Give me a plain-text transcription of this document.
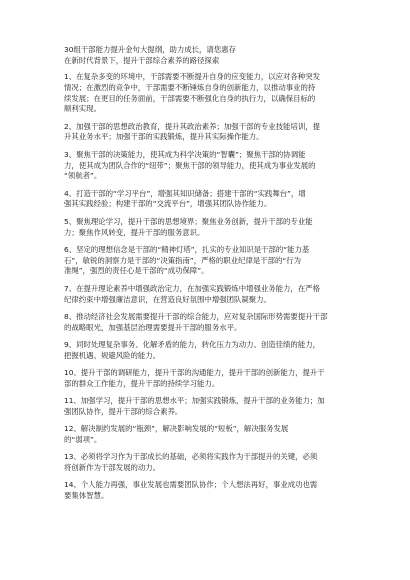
30组干部能力提升金句大提纲，助力成长，请您惠存
在新时代背景下，提升干部综合素养的路径探索
1、在复杂多变的环境中，干部需要不断提升自身的应变能力，以应对各种突发
情况；在激烈的竞争中，干部需要不断锤炼自身的创新能力，以推动事业的持
续发展；在更目的任务面前，干部需要不断强化自身的执行力，以确保目标的
顺利实现。
2、加强干部的思想政治教育，提升其政治素养；加强干部的专业技能培训，提
升其业务水平；加强干部的实践锻炼，提升其实际操作能力。
3、聚焦干部的决策能力，使其成为科学决策的“智囊”；聚焦干部的协调能
力，使其成为团队合作的“纽带”；聚焦干部的领导能力，使其成为事业发展的
“领航者”。
4、打造干部的“学习平台”，增强其知识储备；搭建干部的“实践舞台”，增
强其实践经验；构建干部的“交流平台”，增强其团队协作能力。
5、聚焦理论学习，提升干部的思想境界；聚焦业务创新，提升干部的专业能
力；聚焦作风转变，提升干部的服务意识。
6、坚定的理想信念是干部的“精神灯塔”，扎实的专业知识是干部的“能力基
石”，敏锐的洞察力是干部的“决策指南”，严格的职业纪律是干部的“行为
准绳”，强烈的责任心是干部的“成功保障”。
7、在提升理论素养中增强政治定力，在加强实践锻炼中增强业务能力，在严格
纪律约束中增强廉洁意识，在营造良好氛围中增强团队凝聚力。
8、推动经济社会发展需要提升干部的综合能力，应对复杂国际形势需要提升干部
的战略眼光，加强基层治理需要提升干部的服务水平。
9、同时处理复杂事务、化解矛盾的能力，转化压力为动力、创造佳绩的能力，
把握机遇、规避风险的能力。
10、提升干部的调研能力，提升干部的沟通能力，提升干部的创新能力，提升干
部的群众工作能力，提升干部的持续学习能力。
11、加强学习，提升干部的思想水平；加强实践锻炼，提升干部的业务能力；加
强团队协作，提升干部的综合素养。
12、解决制约发展的“瓶颈”，解决影响发展的“短板”，解决服务发展
的“弱项”。
13、必须将学习作为干部成长的基础，必须将实践作为干部提升的关键，必须
将创新作为干部发展的动力。
14、个人能力再强，事业发展也需要团队协作；个人想法再好，事业成功也需
要集体智慧。
